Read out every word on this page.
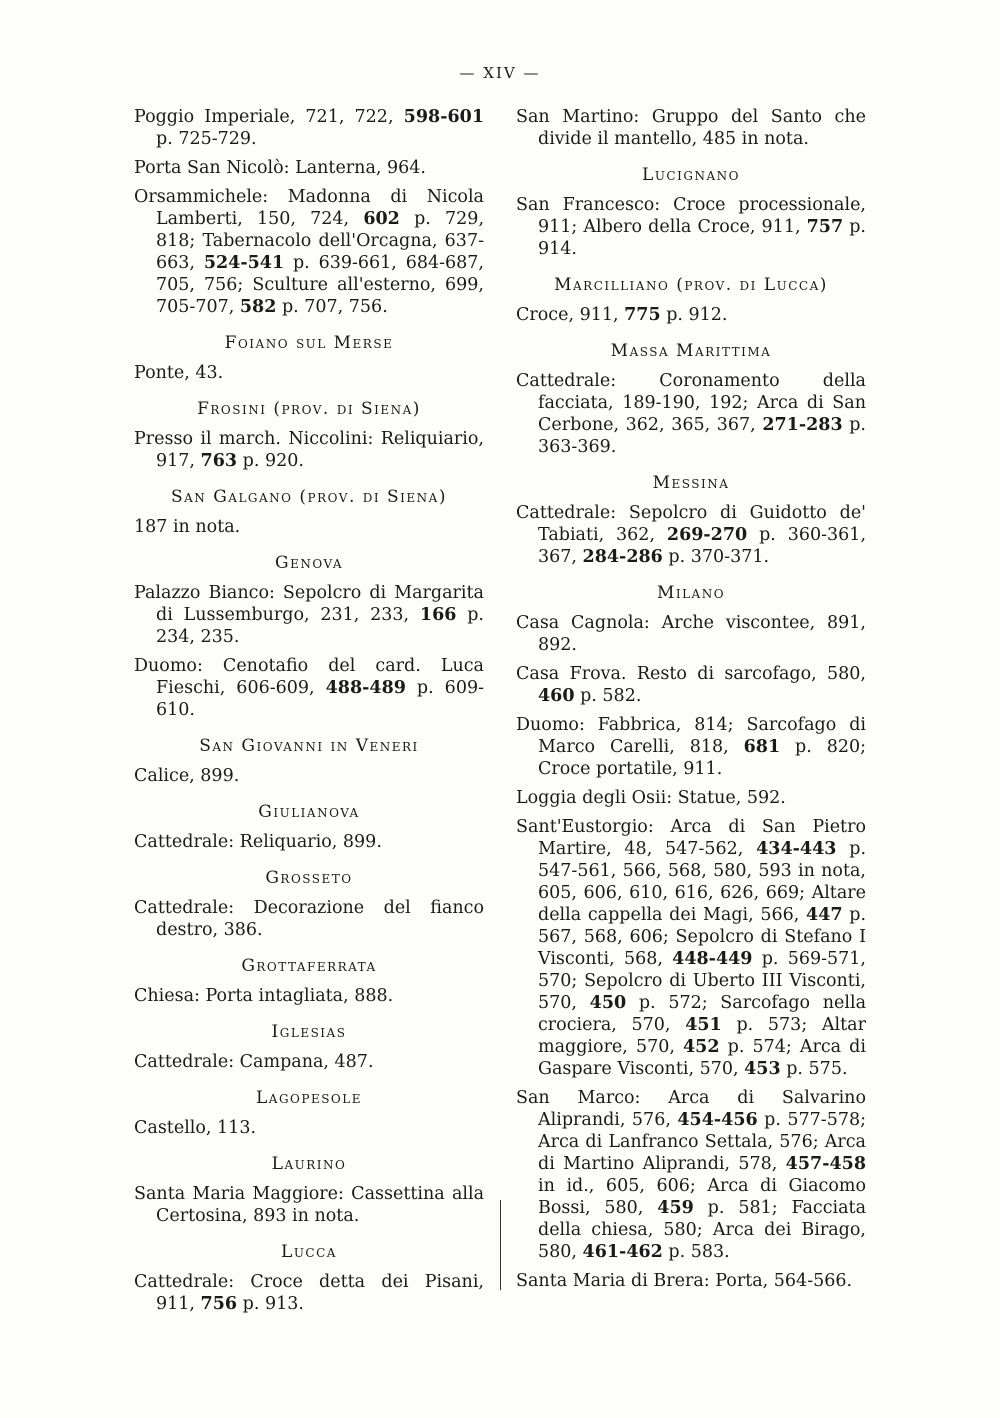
— XIV —
Poggio Imperiale, 721, 722, 598-601 p. 725-729.
Porta San Nicolò: Lanterna, 964.
Orsammichele: Madonna di Nicola Lamberti, 150, 724, 602 p. 729, 818; Tabernacolo dell'Orcagna, 637-663, 524-541 p. 639-661, 684-687, 705, 756; Sculture all'esterno, 699, 705-707, 582 p. 707, 756.
Foiano sul Merse
Ponte, 43.
Frosini (prov. di Siena)
Presso il march. Niccolini: Reliquiario, 917, 763 p. 920.
San Galgano (prov. di Siena)
187 in nota.
Genova
Palazzo Bianco: Sepolcro di Margarita di Lussemburgo, 231, 233, 166 p. 234, 235.
Duomo: Cenotafio del card. Luca Fieschi, 606-609, 488-489 p. 609-610.
San Giovanni in Veneri
Calice, 899.
Giulianova
Cattedrale: Reliquario, 899.
Grosseto
Cattedrale: Decorazione del fianco destro, 386.
Grottaferrata
Chiesa: Porta intagliata, 888.
Iglesias
Cattedrale: Campana, 487.
Lagopesole
Castello, 113.
Laurino
Santa Maria Maggiore: Cassettina alla Certosina, 893 in nota.
Lucca
Cattedrale: Croce detta dei Pisani, 911, 756 p. 913.
San Martino: Gruppo del Santo che divide il mantello, 485 in nota.
Lucignano
San Francesco: Croce processionale, 911; Albero della Croce, 911, 757 p. 914.
Marcilliano (prov. di Lucca)
Croce, 911, 775 p. 912.
Massa Marittima
Cattedrale: Coronamento della facciata, 189-190, 192; Arca di San Cerbone, 362, 365, 367, 271-283 p. 363-369.
Messina
Cattedrale: Sepolcro di Guidotto de' Tabiati, 362, 269-270 p. 360-361, 367, 284-286 p. 370-371.
Milano
Casa Cagnola: Arche viscontee, 891, 892.
Casa Frova. Resto di sarcofago, 580, 460 p. 582.
Duomo: Fabbrica, 814; Sarcofago di Marco Carelli, 818, 681 p. 820; Croce portatile, 911.
Loggia degli Osii: Statue, 592.
Sant'Eustorgio: Arca di San Pietro Martire, 48, 547-562, 434-443 p. 547-561, 566, 568, 580, 593 in nota, 605, 606, 610, 616, 626, 669; Altare della cappella dei Magi, 566, 447 p. 567, 568, 606; Sepolcro di Stefano I Visconti, 568, 448-449 p. 569-571, 570; Sepolcro di Uberto III Visconti, 570, 450 p. 572; Sarcofago nella crociera, 570, 451 p. 573; Altar maggiore, 570, 452 p. 574; Arca di Gaspare Visconti, 570, 453 p. 575.
San Marco: Arca di Salvarino Aliprandi, 576, 454-456 p. 577-578; Arca di Lanfranco Settala, 576; Arca di Martino Aliprandi, 578, 457-458 in id., 605, 606; Arca di Giacomo Bossi, 580, 459 p. 581; Facciata della chiesa, 580; Arca dei Birago, 580, 461-462 p. 583.
Santa Maria di Brera: Porta, 564-566.
